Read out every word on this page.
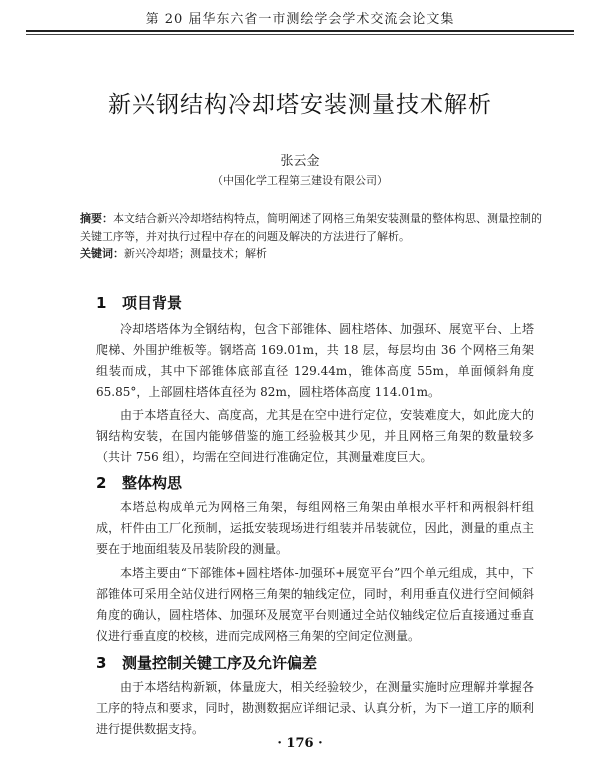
第 20 届华东六省一市测绘学会学术交流会论文集
新兴钢结构冷却塔安装测量技术解析
张云金
（中国化学工程第三建设有限公司）
摘要：本文结合新兴冷却塔结构特点，简明阐述了网格三角架安装测量的整体构思、测量控制的关键工序等，并对执行过程中存在的问题及解决的方法进行了解析。
关键词：新兴冷却塔；测量技术；解析
1 项目背景
冷却塔塔体为全钢结构，包含下部锥体、圆柱塔体、加强环、展宽平台、上塔爬梯、外围护维板等。钢塔高 169.01m，共 18 层，每层均由 36 个网格三角架组装而成，其中下部锥体底部直径 129.44m，锥体高度 55m，单面倾斜角度 65.85°，上部圆柱塔体直径为 82m，圆柱塔体高度 114.01m。
由于本塔直径大、高度高，尤其是在空中进行定位，安装难度大，如此庞大的钢结构安装，在国内能够借鉴的施工经验极其少见，并且网格三角架的数量较多（共计 756 组），均需在空间进行准确定位，其测量难度巨大。
2 整体构思
本塔总构成单元为网格三角架，每组网格三角架由单根水平杆和两根斜杆组成，杆件由工厂化预制，运抵安装现场进行组装并吊装就位，因此，测量的重点主要在于地面组装及吊装阶段的测量。
本塔主要由“下部锥体+圆柱塔体-加强环+展宽平台”四个单元组成，其中，下部锥体可采用全站仪进行网格三角架的轴线定位，同时，利用垂直仪进行空间倾斜角度的确认，圆柱塔体、加强环及展宽平台则通过全站仪轴线定位后直接通过垂直仪进行垂直度的校核，进而完成网格三角架的空间定位测量。
3 测量控制关键工序及允许偏差
由于本塔结构新颖，体量庞大，相关经验较少，在测量实施时应理解并掌握各工序的特点和要求，同时，勘测数据应详细记录、认真分析，为下一道工序的顺利进行提供数据支持。
· 176 ·
